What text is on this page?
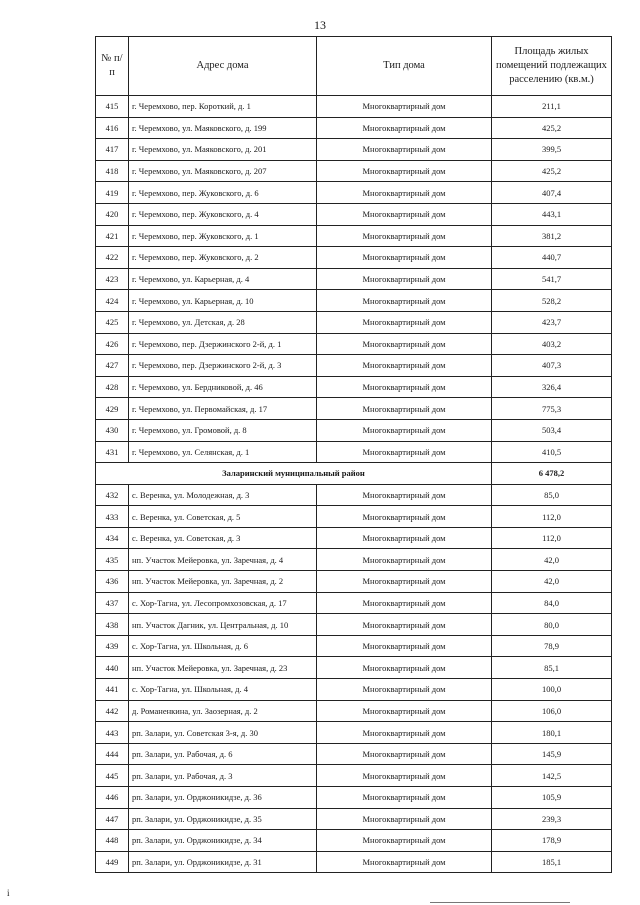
13
№ п/п	Адрес дома	Тип дома	Площадь жилых помещений подлежащих расселению (кв.м.)
415	г. Черемхово, пер. Короткий, д. 1	Многоквартирный дом	211,1
416	г. Черемхово, ул. Маяковского, д. 199	Многоквартирный дом	425,2
417	г. Черемхово, ул. Маяковского, д. 201	Многоквартирный дом	399,5
418	г. Черемхово, ул. Маяковского, д. 207	Многоквартирный дом	425,2
419	г. Черемхово, пер. Жуковского, д. 6	Многоквартирный дом	407,4
420	г. Черемхово, пер. Жуковского, д. 4	Многоквартирный дом	443,1
421	г. Черемхово, пер. Жуковского, д. 1	Многоквартирный дом	381,2
422	г. Черемхово, пер. Жуковского, д. 2	Многоквартирный дом	440,7
423	г. Черемхово, ул. Карьерная, д. 4	Многоквартирный дом	541,7
424	г. Черемхово, ул. Карьерная, д. 10	Многоквартирный дом	528,2
425	г. Черемхово, ул. Детская, д. 28	Многоквартирный дом	423,7
426	г. Черемхово, пер. Дзержинского 2-й, д. 1	Многоквартирный дом	403,2
427	г. Черемхово, пер. Дзержинского 2-й, д. 3	Многоквартирный дом	407,3
428	г. Черемхово, ул. Бердниковой, д. 46	Многоквартирный дом	326,4
429	г. Черемхово, ул. Первомайская, д. 17	Многоквартирный дом	775,3
430	г. Черемхово, ул. Громовой, д. 8	Многоквартирный дом	503,4
431	г. Черемхово, ул. Селянская, д. 1	Многоквартирный дом	410,5
Заларинский муниципальный район			6 478,2
432	с. Веренка, ул. Молодежная, д. 3	Многоквартирный дом	85,0
433	с. Веренка, ул. Советская, д. 5	Многоквартирный дом	112,0
434	с. Веренка, ул. Советская, д. 3	Многоквартирный дом	112,0
435	нп. Участок Мейеровка, ул. Заречная, д. 4	Многоквартирный дом	42,0
436	нп. Участок Мейеровка, ул. Заречная, д. 2	Многоквартирный дом	42,0
437	с. Хор-Тагна, ул. Лесопромхозовская, д. 17	Многоквартирный дом	84,0
438	нп. Участок Дагник, ул. Центральная, д. 10	Многоквартирный дом	80,0
439	с. Хор-Тагна, ул. Школьная, д. 6	Многоквартирный дом	78,9
440	нп. Участок Мейеровка, ул. Заречная, д. 23	Многоквартирный дом	85,1
441	с. Хор-Тагна, ул. Школьная, д. 4	Многоквартирный дом	100,0
442	д. Романенкина, ул. Заозерная, д. 2	Многоквартирный дом	106,0
443	рп. Залари, ул. Советская 3-я, д. 30	Многоквартирный дом	180,1
444	рп. Залари, ул. Рабочая, д. 6	Многоквартирный дом	145,9
445	рп. Залари, ул. Рабочая, д. 3	Многоквартирный дом	142,5
446	рп. Залари, ул. Орджоникидзе, д. 36	Многоквартирный дом	105,9
447	рп. Залари, ул. Орджоникидзе, д. 35	Многоквартирный дом	239,3
448	рп. Залари, ул. Орджоникидзе, д. 34	Многоквартирный дом	178,9
449	рп. Залари, ул. Орджоникидзе, д. 31	Многоквартирный дом	185,1
i
